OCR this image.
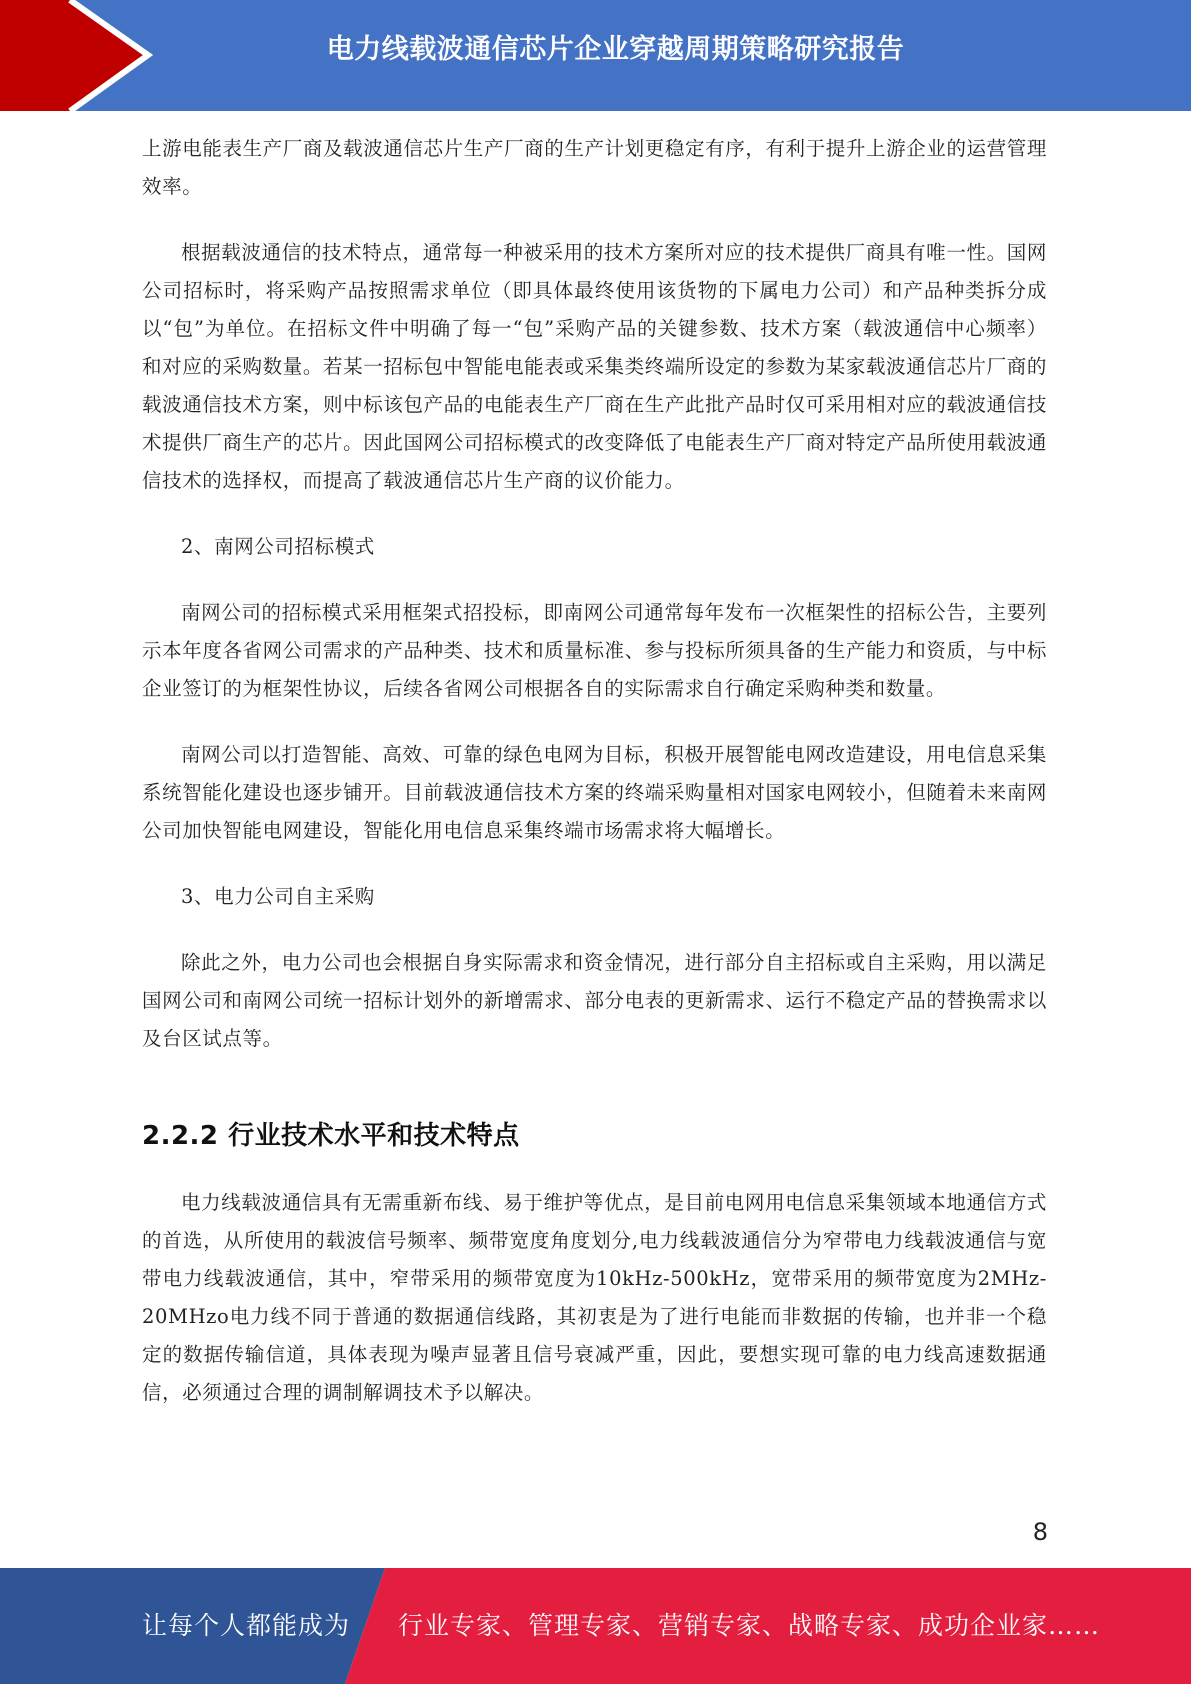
电力线载波通信芯片企业穿越周期策略研究报告

上游电能表生产厂商及载波通信芯片生产厂商的生产计划更稳定有序，有利于提升上游企业的运营管理效率。

根据载波通信的技术特点，通常每一种被采用的技术方案所对应的技术提供厂商具有唯一性。国网公司招标时，将采购产品按照需求单位（即具体最终使用该货物的下属电力公司）和产品种类拆分成以“包”为单位。在招标文件中明确了每一“包”采购产品的关键参数、技术方案（载波通信中心频率）和对应的采购数量。若某一招标包中智能电能表或采集类终端所设定的参数为某家载波通信芯片厂商的载波通信技术方案，则中标该包产品的电能表生产厂商在生产此批产品时仅可采用相对应的载波通信技术提供厂商生产的芯片。因此国网公司招标模式的改变降低了电能表生产厂商对特定产品所使用载波通信技术的选择权，而提高了载波通信芯片生产商的议价能力。

2、南网公司招标模式

南网公司的招标模式采用框架式招投标，即南网公司通常每年发布一次框架性的招标公告，主要列示本年度各省网公司需求的产品种类、技术和质量标准、参与投标所须具备的生产能力和资质，与中标企业签订的为框架性协议，后续各省网公司根据各自的实际需求自行确定采购种类和数量。

南网公司以打造智能、高效、可靠的绿色电网为目标，积极开展智能电网改造建设，用电信息采集系统智能化建设也逐步铺开。目前载波通信技术方案的终端采购量相对国家电网较小，但随着未来南网公司加快智能电网建设，智能化用电信息采集终端市场需求将大幅增长。

3、电力公司自主采购

除此之外，电力公司也会根据自身实际需求和资金情况，进行部分自主招标或自主采购，用以满足国网公司和南网公司统一招标计划外的新增需求、部分电表的更新需求、运行不稳定产品的替换需求以及台区试点等。

2.2.2 行业技术水平和技术特点

电力线载波通信具有无需重新布线、易于维护等优点，是目前电网用电信息采集领域本地通信方式的首选，从所使用的载波信号频率、频带宽度角度划分,电力线载波通信分为窄带电力线载波通信与宽带电力线载波通信，其中，窄带采用的频带宽度为10kHz-500kHz，宽带采用的频带宽度为2MHz-20MHzo电力线不同于普通的数据通信线路，其初衷是为了进行电能而非数据的传输，也并非一个稳定的数据传输信道，具体表现为噪声显著且信号衰减严重，因此，要想实现可靠的电力线高速数据通信，必须通过合理的调制解调技术予以解决。

8
让每个人都能成为 行业专家、管理专家、营销专家、战略专家、成功企业家……
